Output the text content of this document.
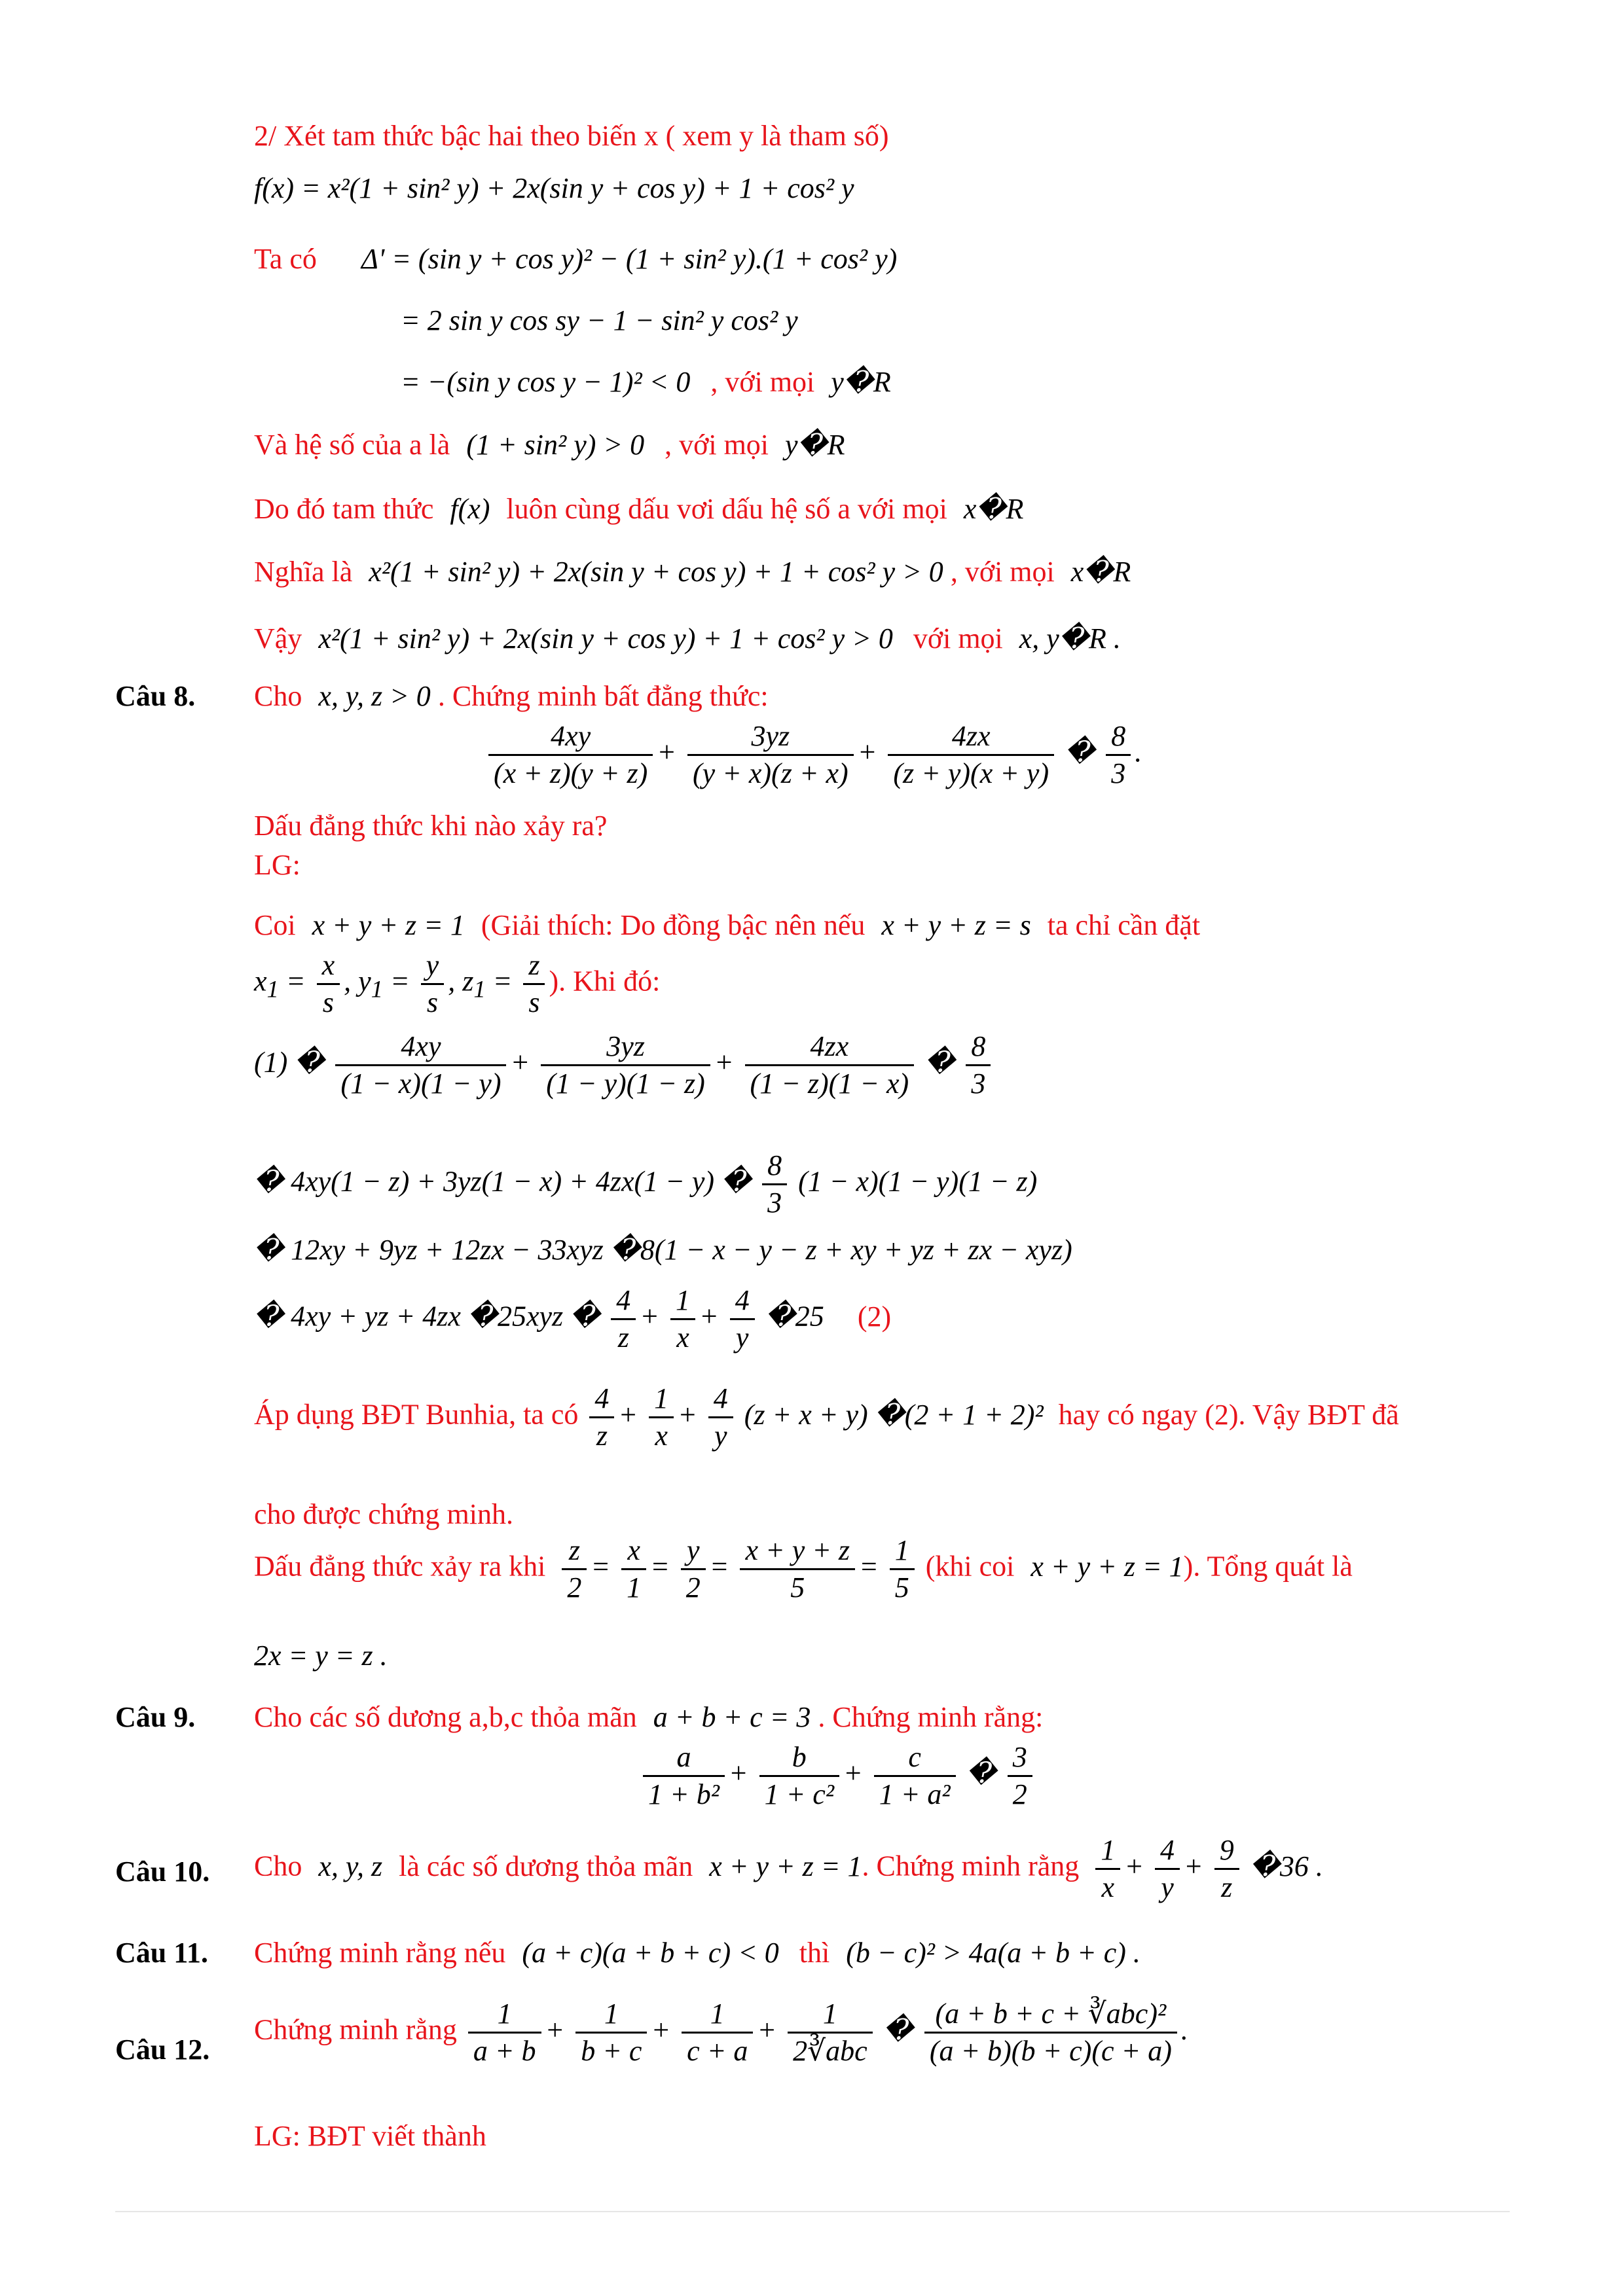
2/ Xét tam thức bậc hai theo biến x ( xem y là tham số)
f(x) = x²(1 + sin² y) + 2x(sin y + cos y) + 1 + cos² y
Ta có Δ' = (sin y + cos y)² − (1 + sin² y).(1 + cos² y)
= 2 sin y cos sy − 1 − sin² y cos² y
= −(sin y cos y − 1)² < 0 , với mọi y�R
Và hệ số của a là (1 + sin² y) > 0 , với mọi y�R
Do đó tam thức f(x) luôn cùng dấu vơi dấu hệ số a với mọi x�R
Nghĩa là x²(1 + sin² y) + 2x(sin y + cos y) + 1 + cos² y > 0 , với mọi x�R
Vậy x²(1 + sin² y) + 2x(sin y + cos y) + 1 + cos² y > 0 với mọi x, y�R .
Câu 8. Cho x, y, z > 0 . Chứng minh bất đẳng thức:
$\frac{4xy}{(x + z)(y + z)} + \frac{3yz}{(y + x)(z + x)} + \frac{4zx}{(z + y)(x + y)}$ � $\frac{8}{3}$ .
Dấu đẳng thức khi nào xảy ra?
LG:
Coi x + y + z = 1 (Giải thích: Do đồng bậc nên nếu x + y + z = s ta chỉ cần đặt
$x_1 = \frac{x}{s}$ , $y_1 = \frac{y}{s}$ , $z_1 = \frac{z}{s}$ ). Khi đó:
(1) � $\frac{4xy}{(1 - x)(1 - y)} + \frac{3yz}{(1 - y)(1 - z)} + \frac{4zx}{(1 - z)(1 - x)}$ � $\frac{8}{3}$
� 4xy(1 − z) + 3yz(1 − x) + 4zx(1 − y) � $\frac{8}{3} (1 - x)(1 - y)(1 - z)$
� 12xy + 9yz + 12zx − 33xyz �8(1 − x − y − z + xy + yz + zx − xyz)
� 4xy + yz + 4zx �25xyz � $\frac{4}{z} + \frac{1}{x} + \frac{4}{y}$ �25 (2)
Áp dụng BĐT Bunhia, ta có $\frac{4}{z} + \frac{1}{x} + \frac{4}{y} (z + x + y)$ �(2 + 1 + 2)² hay có ngay (2). Vậy BĐT đã
cho được chứng minh.
Dấu đẳng thức xảy ra khi $\frac{z}{2} = \frac{x}{1} = \frac{y}{2} = \frac{x + y + z}{5} = \frac{1}{5} (khi$ coi x + y + z = 1). Tổng quát là
2x = y = z .
Câu 9. Cho các số dương a,b,c thỏa mãn a + b + c = 3 . Chứng minh rằng:
$\frac{a}{\text{1 + b²}} + \frac{b}{\text{1 + c²}} + \frac{c}{\text{1 + a²}}$ � $\frac{3}{2}$
Câu 10. Cho x, y, z là các số dương thỏa mãn x + y + z = 1. Chứng minh rằng $\frac{1}{x} + \frac{4}{y} + \frac{9}{z}$ �36 .
Câu 11. Chứng minh rằng nếu (a + c)(a + b + c) < 0 thì (b − c)² > 4a(a + b + c) .
Câu 12.
Chứng minh rằng $\frac{1}{a + b} + \frac{1}{b + c} + \frac{1}{c + a} + \frac{1}{\text{2∛abc}}$ � $\frac{\text{(a + b + c + ∛abc)²}}{(a + b)(b + c)(c + a)}$ .
LG: BĐT viết thành
